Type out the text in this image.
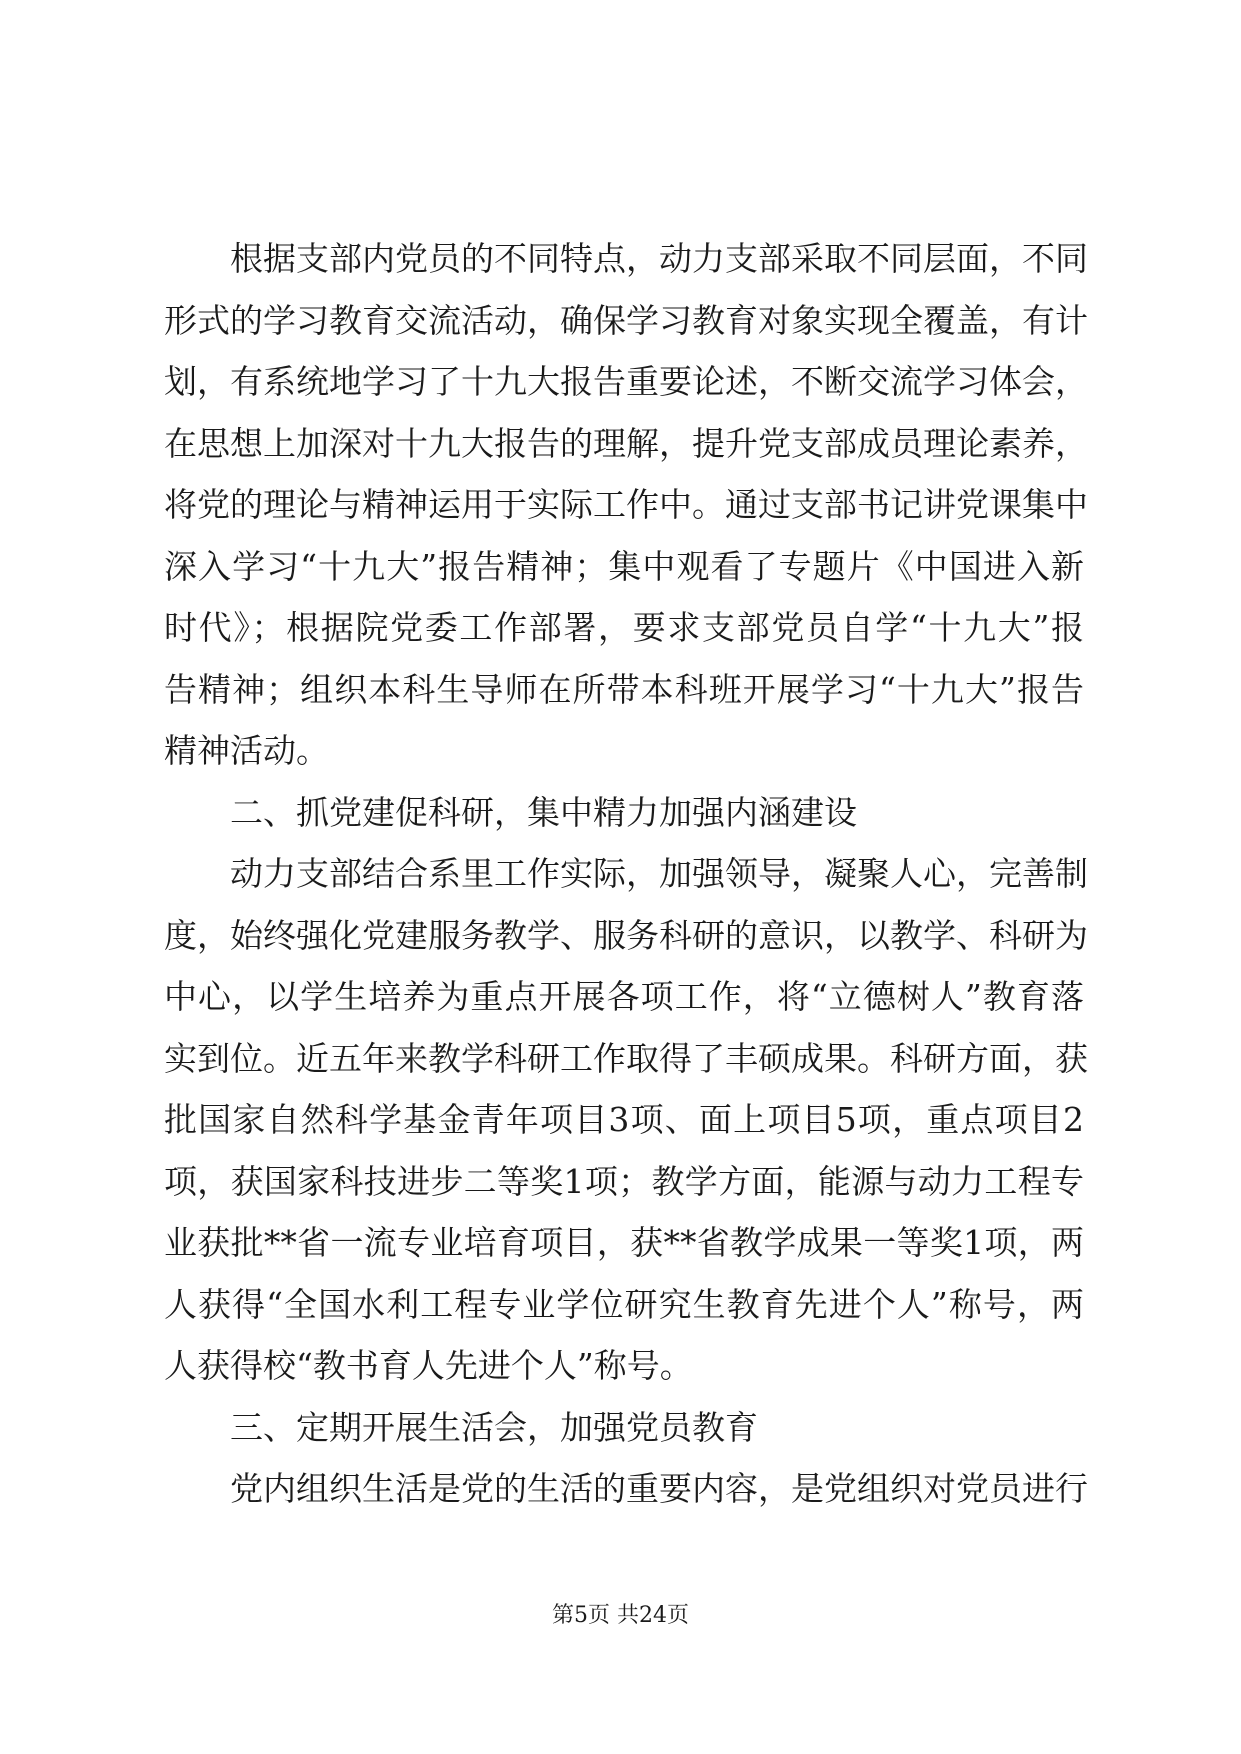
根据支部内党员的不同特点，动力支部采取不同层面，不同
形式的学习教育交流活动，确保学习教育对象实现全覆盖，有计
划，有系统地学习了十九大报告重要论述，不断交流学习体会，
在思想上加深对十九大报告的理解，提升党支部成员理论素养，
将党的理论与精神运用于实际工作中。通过支部书记讲党课集中
深入学习“十九大”报告精神；集中观看了专题片《中国进入新
时代》；根据院党委工作部署，要求支部党员自学“十九大”报
告精神；组织本科生导师在所带本科班开展学习“十九大”报告
精神活动。
二、抓党建促科研，集中精力加强内涵建设
动力支部结合系里工作实际，加强领导，凝聚人心，完善制
度，始终强化党建服务教学、服务科研的意识，以教学、科研为
中心，以学生培养为重点开展各项工作，将“立德树人”教育落
实到位。近五年来教学科研工作取得了丰硕成果。科研方面，获
批国家自然科学基金青年项目3项、面上项目5项，重点项目2
项，获国家科技进步二等奖1项；教学方面，能源与动力工程专
业获批**省一流专业培育项目，获**省教学成果一等奖1项，两
人获得“全国水利工程专业学位研究生教育先进个人”称号，两
人获得校“教书育人先进个人”称号。
三、定期开展生活会，加强党员教育
党内组织生活是党的生活的重要内容，是党组织对党员进行
第5页 共24页
